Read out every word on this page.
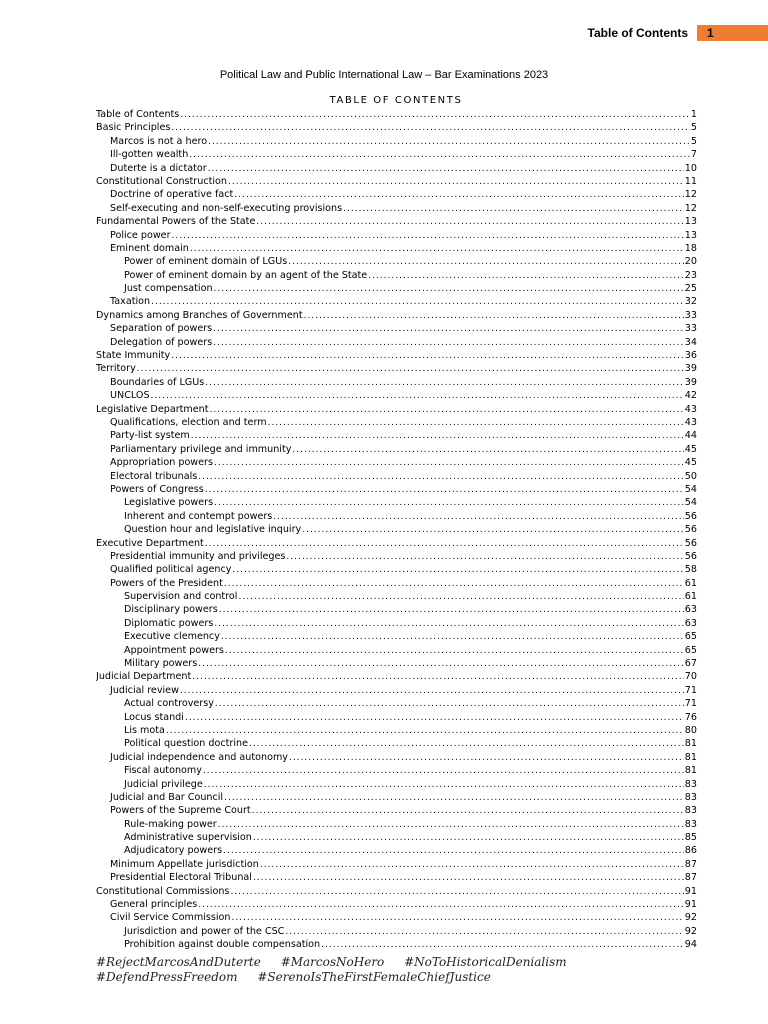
Table of Contents	1
Political Law and Public International Law – Bar Examinations 2023
TABLE OF CONTENTS
Table of Contents .....	1
Basic Principles .....	5
Marcos is not a hero .....	5
Ill-gotten wealth .....	7
Duterte is a dictator .....	10
Constitutional Construction .....	11
Doctrine of operative fact .....	12
Self-executing and non-self-executing provisions .....	12
Fundamental Powers of the State .....	13
Police power .....	13
Eminent domain .....	18
Power of eminent domain of LGUs .....	20
Power of eminent domain by an agent of the State .....	23
Just compensation .....	25
Taxation .....	32
Dynamics among Branches of Government .....	33
Separation of powers .....	33
Delegation of powers .....	34
State Immunity .....	36
Territory .....	39
Boundaries of LGUs .....	39
UNCLOS .....	42
Legislative Department .....	43
Qualifications, election and term .....	43
Party-list system .....	44
Parliamentary privilege and immunity .....	45
Appropriation powers .....	45
Electoral tribunals .....	50
Powers of Congress .....	54
Legislative powers .....	54
Inherent and contempt powers .....	56
Question hour and legislative inquiry .....	56
Executive Department .....	56
Presidential immunity and privileges .....	56
Qualified political agency .....	58
Powers of the President .....	61
Supervision and control .....	61
Disciplinary powers .....	63
Diplomatic powers .....	63
Executive clemency .....	65
Appointment powers .....	65
Military powers .....	67
Judicial Department .....	70
Judicial review .....	71
Actual controversy .....	71
Locus standi .....	76
Lis mota .....	80
Political question doctrine .....	81
Judicial independence and autonomy .....	81
Fiscal autonomy .....	81
Judicial privilege .....	83
Judicial and Bar Council .....	83
Powers of the Supreme Court .....	83
Rule-making power .....	83
Administrative supervision .....	85
Adjudicatory powers .....	86
Minimum Appellate jurisdiction .....	87
Presidential Electoral Tribunal .....	87
Constitutional Commissions .....	91
General principles .....	91
Civil Service Commission .....	92
Jurisdiction and power of the CSC .....	92
Prohibition against double compensation .....	94
#RejectMarcosAndDuterte #MarcosNoHero #NoToHistoricalDenialism
#DefendPressFreedom #SerenoIsTheFirstFemaleChiefJustice
